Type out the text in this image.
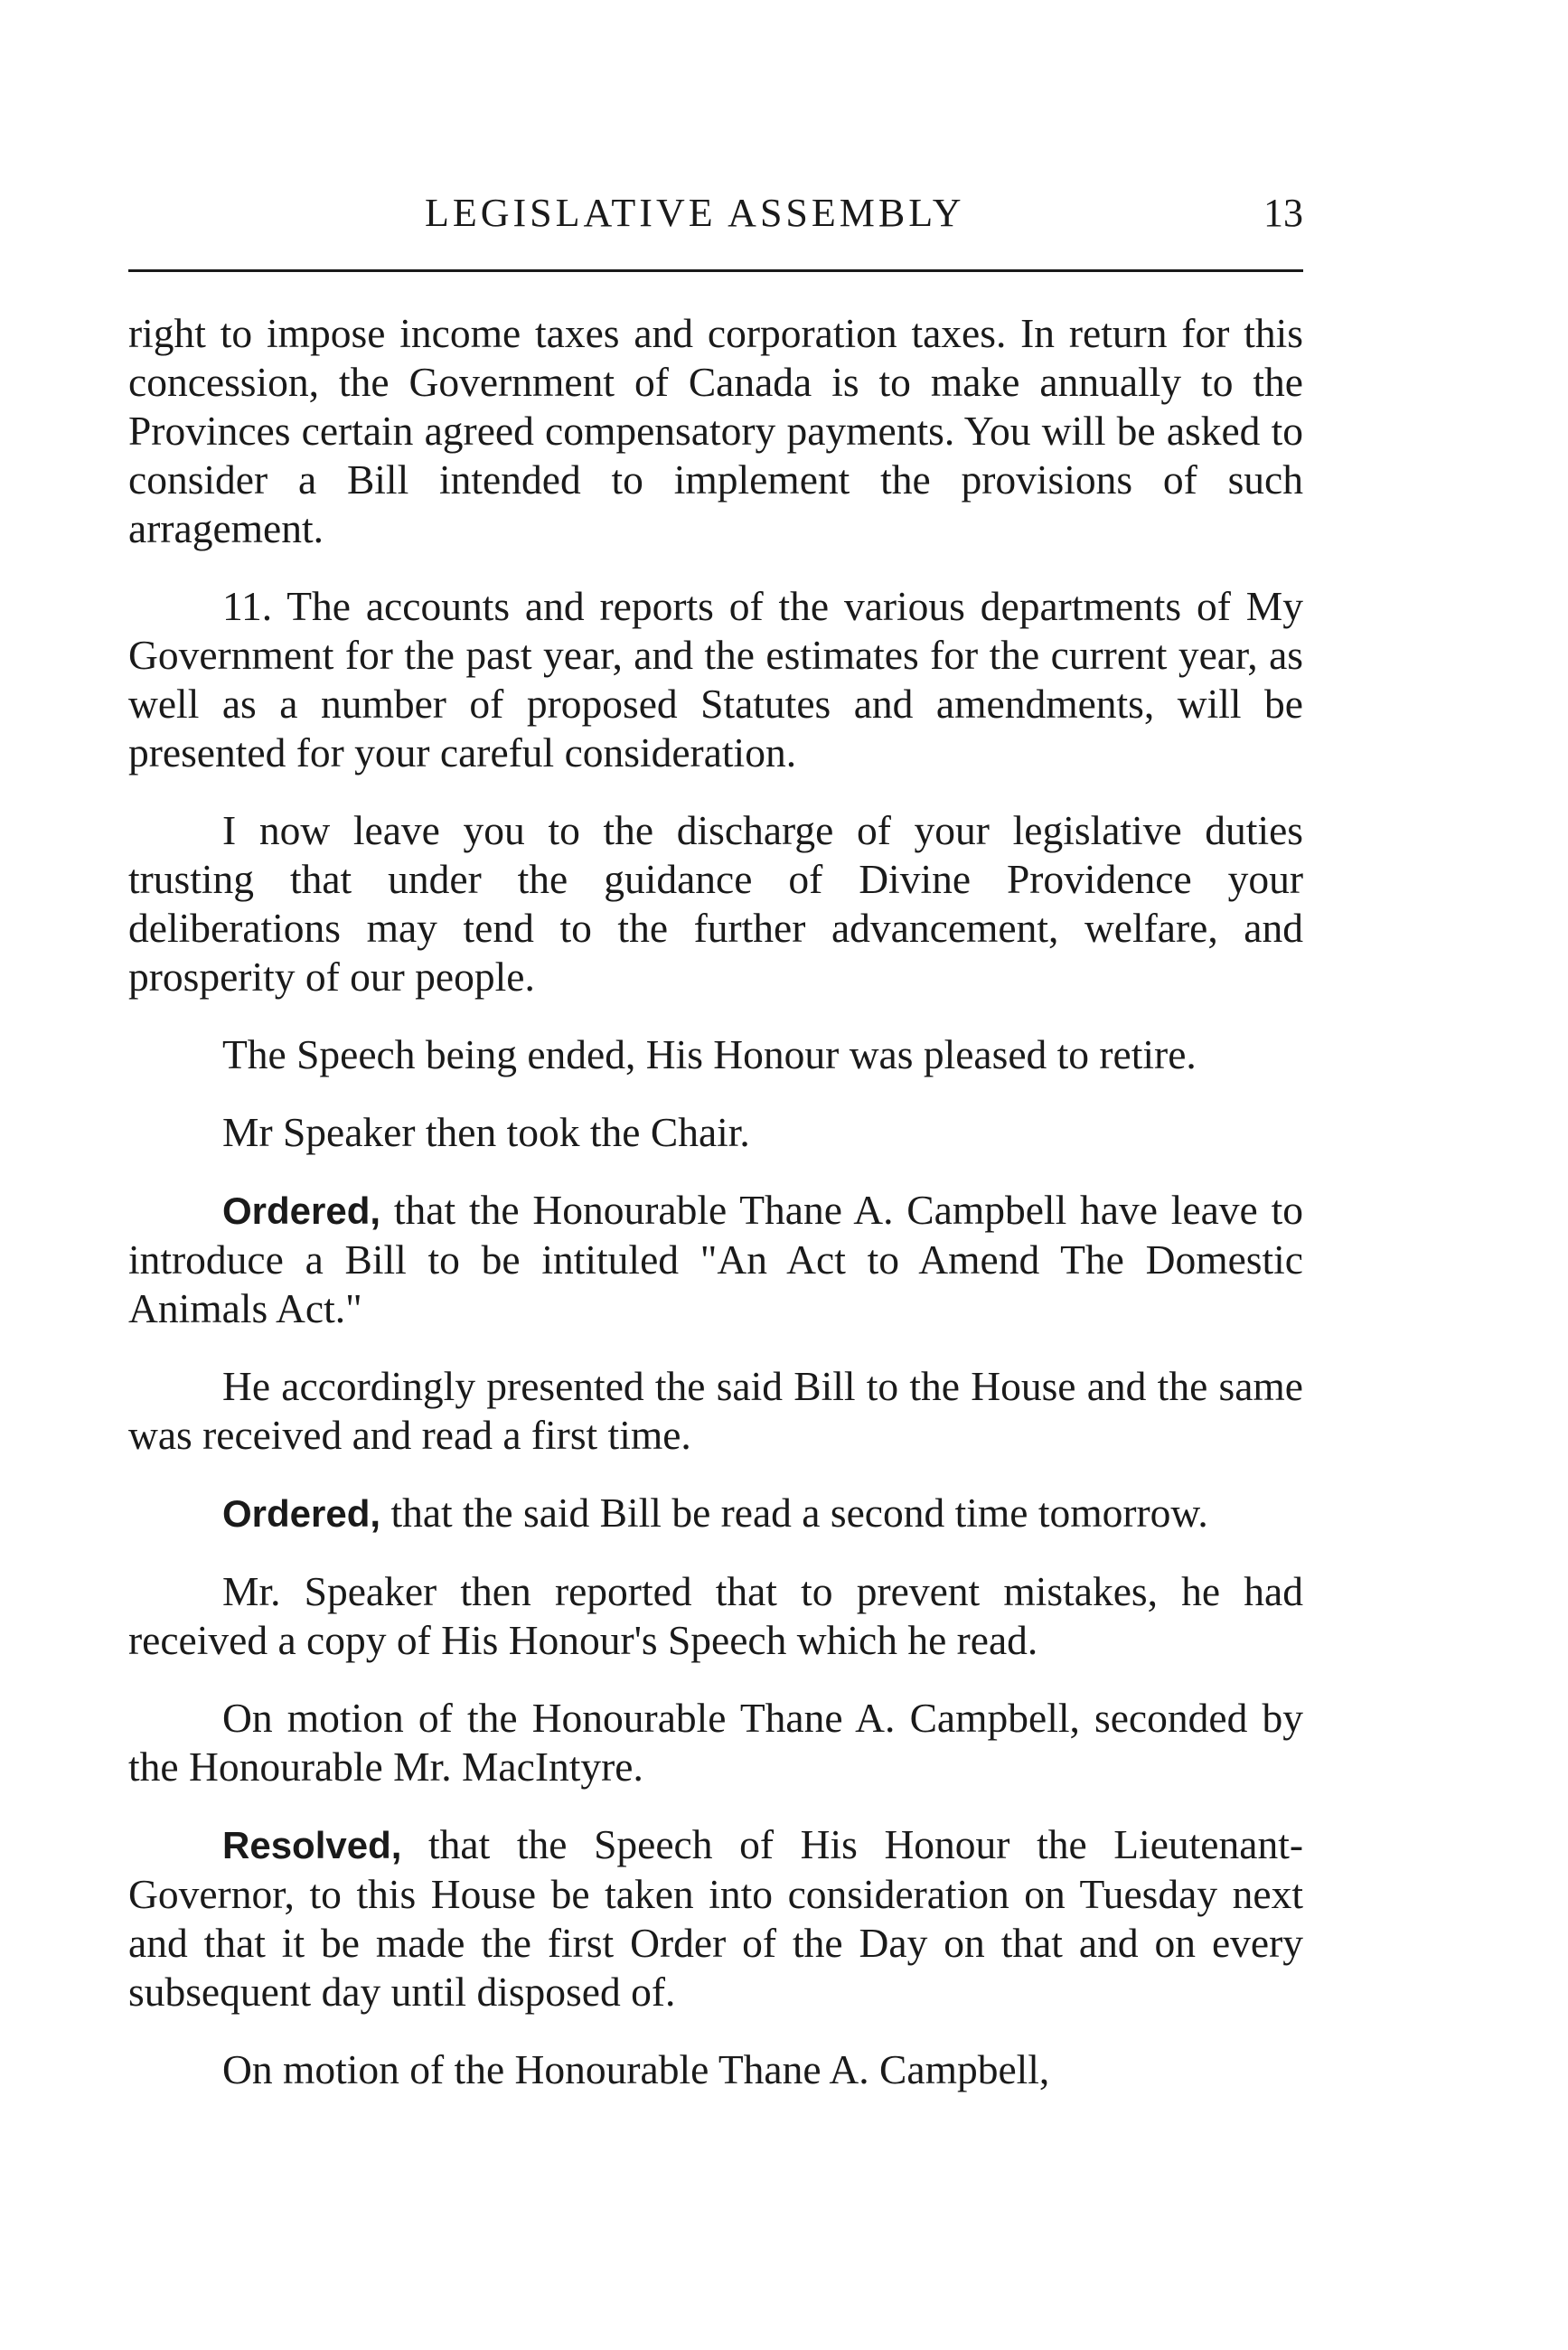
LEGISLATIVE ASSEMBLY	13

right to impose income taxes and corporation taxes. In return for this concession, the Government of Canada is to make annually to the Provinces certain agreed compensatory payments. You will be asked to consider a Bill intended to implement the provisions of such arragement.

11. The accounts and reports of the various departments of My Government for the past year, and the estimates for the current year, as well as a number of proposed Statutes and amendments, will be presented for your careful consideration.

I now leave you to the discharge of your legislative duties trusting that under the guidance of Divine Providence your deliberations may tend to the further advancement, welfare, and prosperity of our people.

The Speech being ended, His Honour was pleased to retire.

Mr Speaker then took the Chair.

Ordered, that the Honourable Thane A. Campbell have leave to introduce a Bill to be intituled "An Act to Amend The Domestic Animals Act."

He accordingly presented the said Bill to the House and the same was received and read a first time.

Ordered, that the said Bill be read a second time tomorrow.

Mr. Speaker then reported that to prevent mistakes, he had received a copy of His Honour's Speech which he read.

On motion of the Honourable Thane A. Campbell, seconded by the Honourable Mr. MacIntyre.

Resolved, that the Speech of His Honour the Lieutenant-Governor, to this House be taken into consideration on Tuesday next and that it be made the first Order of the Day on that and on every subsequent day until disposed of.

On motion of the Honourable Thane A. Campbell,
